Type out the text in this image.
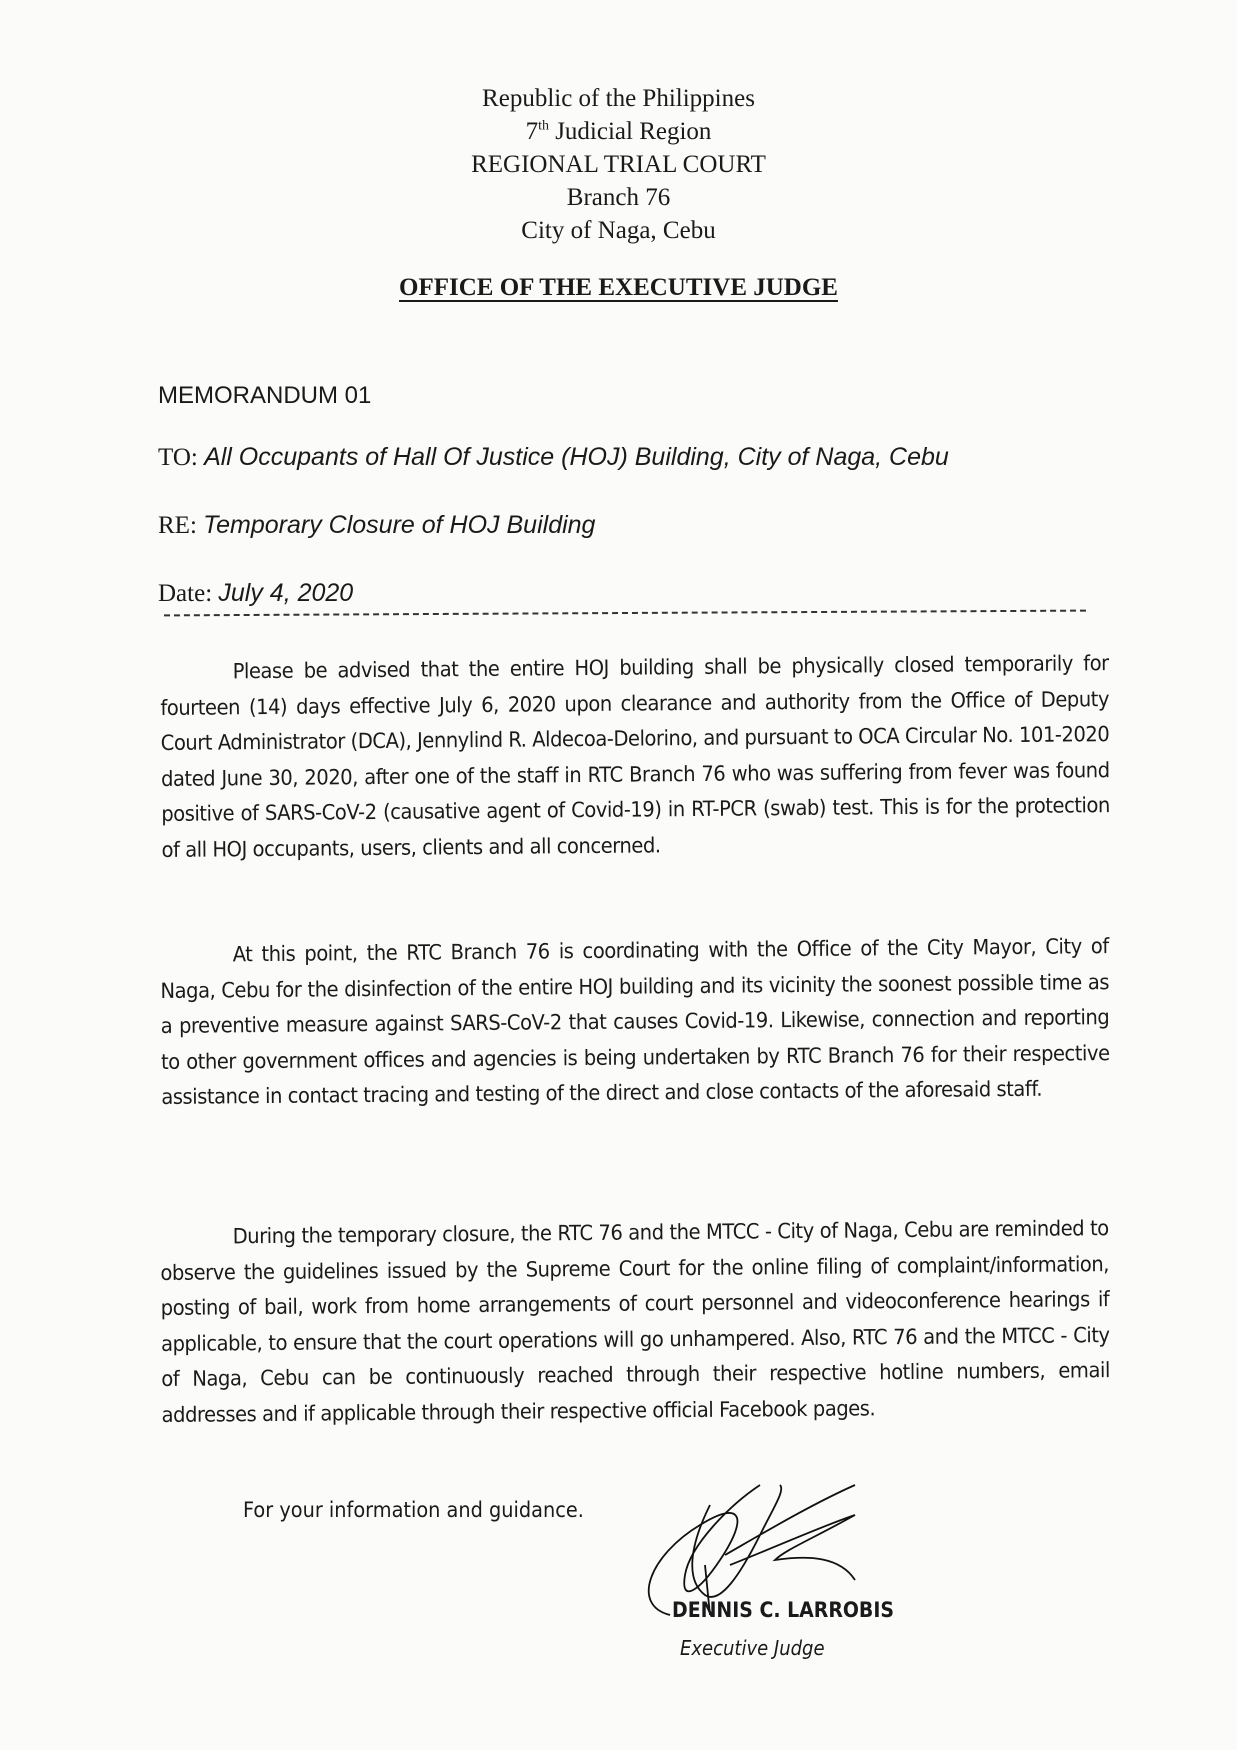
Republic of the Philippines
7th Judicial Region
REGIONAL TRIAL COURT
Branch 76
City of Naga, Cebu
OFFICE OF THE EXECUTIVE JUDGE
MEMORANDUM 01
TO: All Occupants of Hall Of Justice (HOJ) Building, City of Naga, Cebu
RE: Temporary Closure of HOJ Building
Date: July 4, 2020

Please be advised that the entire HOJ building shall be physically closed temporarily for fourteen (14) days effective July 6, 2020 upon clearance and authority from the Office of Deputy Court Administrator (DCA), Jennylind R. Aldecoa-Delorino, and pursuant to OCA Circular No. 101-2020 dated June 30, 2020, after one of the staff in RTC Branch 76 who was suffering from fever was found positive of SARS-CoV-2 (causative agent of Covid-19) in RT-PCR (swab) test. This is for the protection of all HOJ occupants, users, clients and all concerned.

At this point, the RTC Branch 76 is coordinating with the Office of the City Mayor, City of Naga, Cebu for the disinfection of the entire HOJ building and its vicinity the soonest possible time as a preventive measure against SARS-CoV-2 that causes Covid-19. Likewise, connection and reporting to other government offices and agencies is being undertaken by RTC Branch 76 for their respective assistance in contact tracing and testing of the direct and close contacts of the aforesaid staff.

During the temporary closure, the RTC 76 and the MTCC - City of Naga, Cebu are reminded to observe the guidelines issued by the Supreme Court for the online filing of complaint/information, posting of bail, work from home arrangements of court personnel and videoconference hearings if applicable, to ensure that the court operations will go unhampered. Also, RTC 76 and the MTCC - City of Naga, Cebu can be continuously reached through their respective hotline numbers, email addresses and if applicable through their respective official Facebook pages.

For your information and guidance.
DENNIS C. LARROBIS
Executive Judge
